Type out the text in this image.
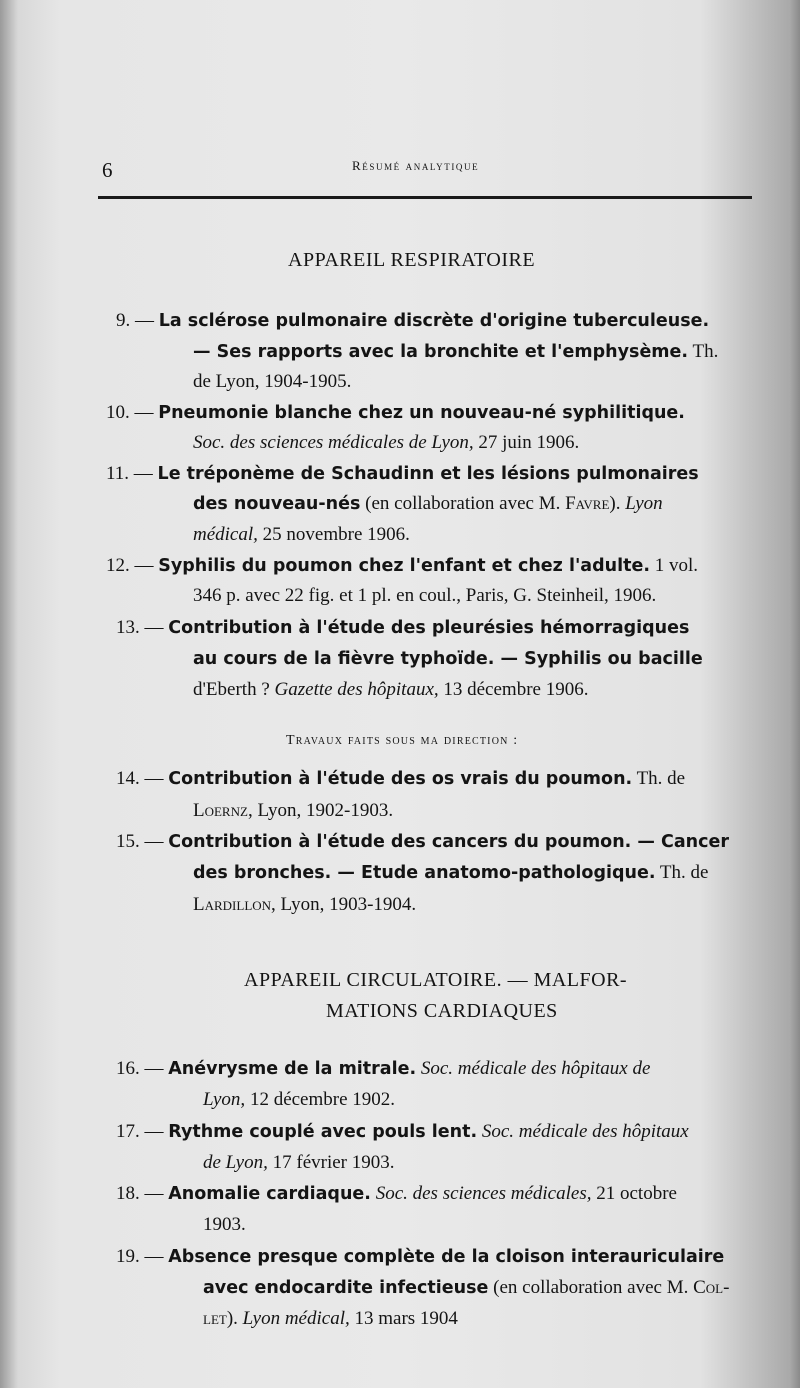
6	Résumé analytique
APPAREIL RESPIRATOIRE
9. — La sclérose pulmonaire discrète d'origine tuberculeuse.
— Ses rapports avec la bronchite et l'emphysème. Th.
de Lyon, 1904-1905.
10. — Pneumonie blanche chez un nouveau-né syphilitique.
Soc. des sciences médicales de Lyon, 27 juin 1906.
11. — Le tréponème de Schaudinn et les lésions pulmonaires
des nouveau-nés (en collaboration avec M. Favre). Lyon
médical, 25 novembre 1906.
12. — Syphilis du poumon chez l'enfant et chez l'adulte. 1 vol.
346 p. avec 22 fig. et 1 pl. en coul., Paris, G. Steinheil, 1906.
13. — Contribution à l'étude des pleurésies hémorragiques
au cours de la fièvre typhoïde. — Syphilis ou bacille
d'Eberth ? Gazette des hôpitaux, 13 décembre 1906.
Travaux faits sous ma direction :
14. — Contribution à l'étude des os vrais du poumon. Th. de
Loernz, Lyon, 1902-1903.
15. — Contribution à l'étude des cancers du poumon. — Cancer
des bronches. — Etude anatomo-pathologique. Th. de
Lardillon, Lyon, 1903-1904.
APPAREIL CIRCULATOIRE. — MALFOR-
MATIONS CARDIAQUES
16. — Anévrysme de la mitrale. Soc. médicale des hôpitaux de
Lyon, 12 décembre 1902.
17. — Rythme couplé avec pouls lent. Soc. médicale des hôpitaux
de Lyon, 17 février 1903.
18. — Anomalie cardiaque. Soc. des sciences médicales, 21 octobre
1903.
19. — Absence presque complète de la cloison interauriculaire
avec endocardite infectieuse (en collaboration avec M. Col-
let). Lyon médical, 13 mars 1904
